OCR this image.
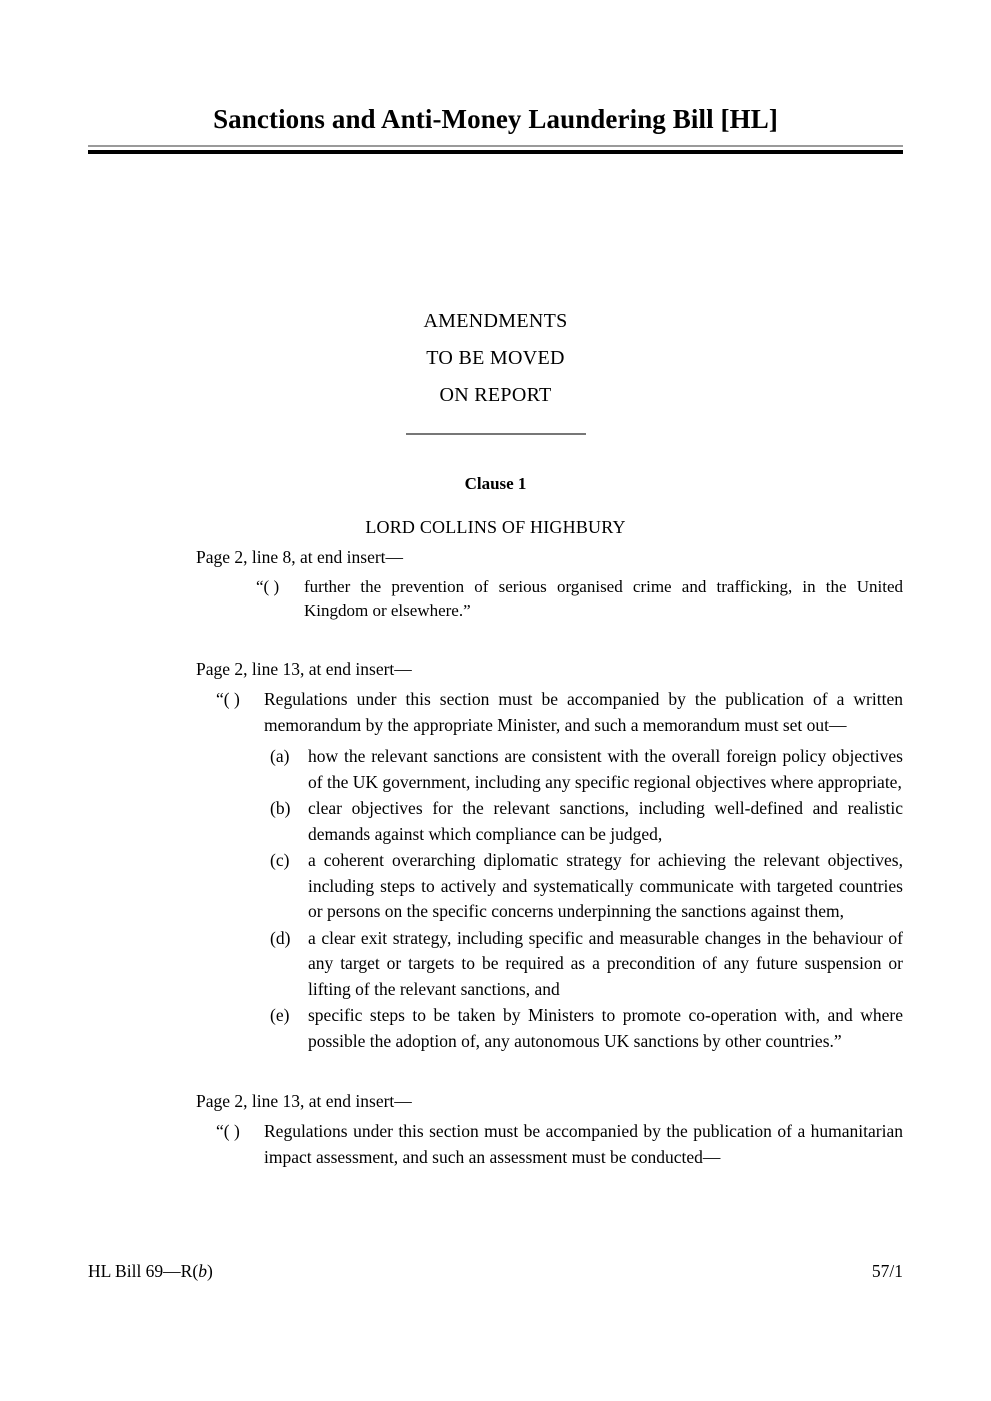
Sanctions and Anti-Money Laundering Bill [HL]
AMENDMENTS
TO BE MOVED
ON REPORT
Clause 1
LORD COLLINS OF HIGHBURY
Page 2, line 8, at end insert—
“( ) further the prevention of serious organised crime and trafficking, in the United Kingdom or elsewhere.”
Page 2, line 13, at end insert—
“( ) Regulations under this section must be accompanied by the publication of a written memorandum by the appropriate Minister, and such a memorandum must set out—
(a)	how the relevant sanctions are consistent with the overall foreign policy objectives of the UK government, including any specific regional objectives where appropriate,
(b)	clear objectives for the relevant sanctions, including well-defined and realistic demands against which compliance can be judged,
(c)	a coherent overarching diplomatic strategy for achieving the relevant objectives, including steps to actively and systematically communicate with targeted countries or persons on the specific concerns underpinning the sanctions against them,
(d)	a clear exit strategy, including specific and measurable changes in the behaviour of any target or targets to be required as a precondition of any future suspension or lifting of the relevant sanctions, and
(e)	specific steps to be taken by Ministers to promote co-operation with, and where possible the adoption of, any autonomous UK sanctions by other countries.”
Page 2, line 13, at end insert—
“( ) Regulations under this section must be accompanied by the publication of a humanitarian impact assessment, and such an assessment must be conducted—
HL Bill 69—R(b)	57/1
